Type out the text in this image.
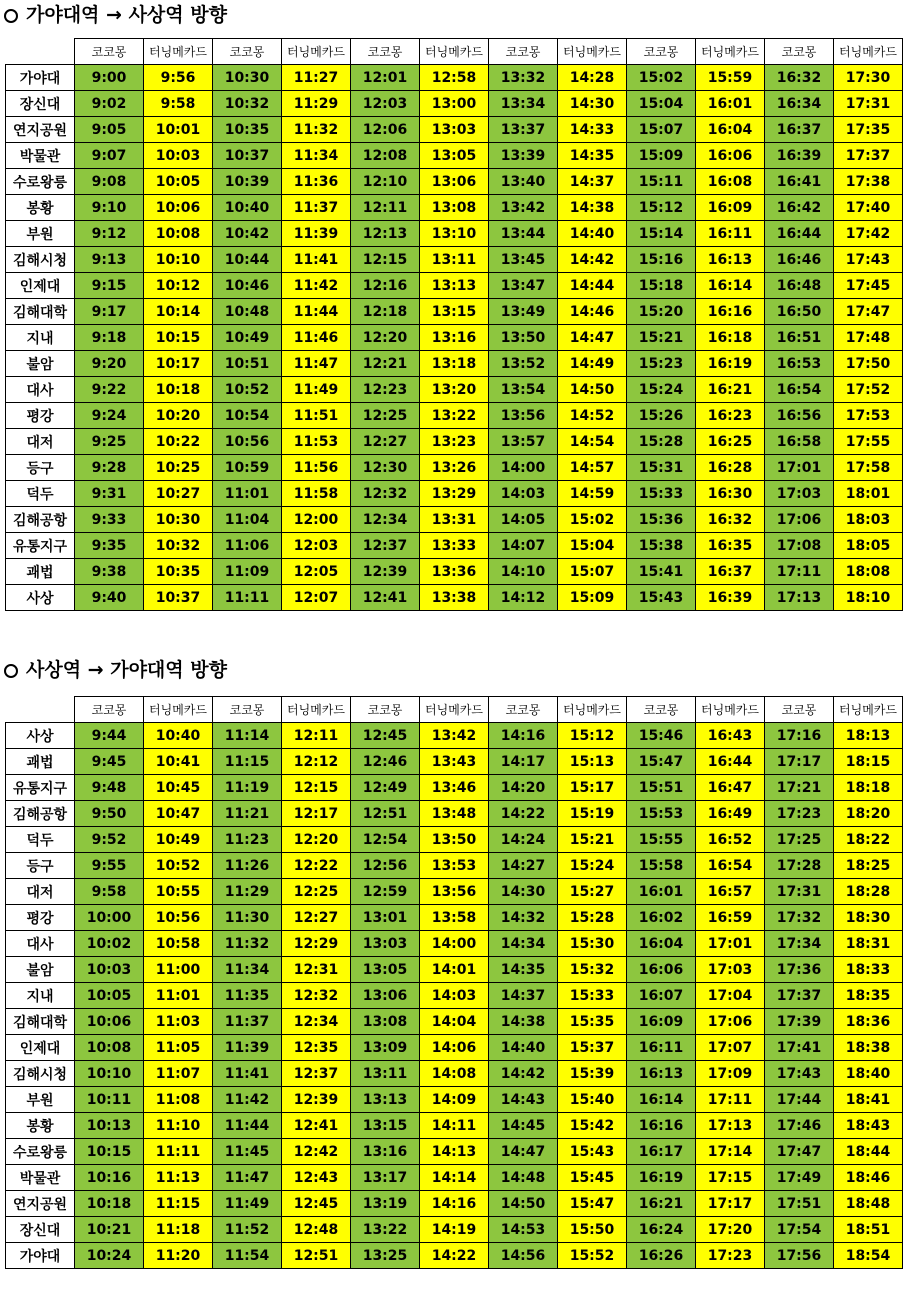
가야대역 → 사상역 방향
	코코몽	터닝메카드	코코몽	터닝메카드	코코몽	터닝메카드	코코몽	터닝메카드	코코몽	터닝메카드	코코몽	터닝메카드
가야대	9:00	9:56	10:30	11:27	12:01	12:58	13:32	14:28	15:02	15:59	16:32	17:30
장신대	9:02	9:58	10:32	11:29	12:03	13:00	13:34	14:30	15:04	16:01	16:34	17:31
연지공원	9:05	10:01	10:35	11:32	12:06	13:03	13:37	14:33	15:07	16:04	16:37	17:35
박물관	9:07	10:03	10:37	11:34	12:08	13:05	13:39	14:35	15:09	16:06	16:39	17:37
수로왕릉	9:08	10:05	10:39	11:36	12:10	13:06	13:40	14:37	15:11	16:08	16:41	17:38
봉황	9:10	10:06	10:40	11:37	12:11	13:08	13:42	14:38	15:12	16:09	16:42	17:40
부원	9:12	10:08	10:42	11:39	12:13	13:10	13:44	14:40	15:14	16:11	16:44	17:42
김해시청	9:13	10:10	10:44	11:41	12:15	13:11	13:45	14:42	15:16	16:13	16:46	17:43
인제대	9:15	10:12	10:46	11:42	12:16	13:13	13:47	14:44	15:18	16:14	16:48	17:45
김해대학	9:17	10:14	10:48	11:44	12:18	13:15	13:49	14:46	15:20	16:16	16:50	17:47
지내	9:18	10:15	10:49	11:46	12:20	13:16	13:50	14:47	15:21	16:18	16:51	17:48
불암	9:20	10:17	10:51	11:47	12:21	13:18	13:52	14:49	15:23	16:19	16:53	17:50
대사	9:22	10:18	10:52	11:49	12:23	13:20	13:54	14:50	15:24	16:21	16:54	17:52
평강	9:24	10:20	10:54	11:51	12:25	13:22	13:56	14:52	15:26	16:23	16:56	17:53
대저	9:25	10:22	10:56	11:53	12:27	13:23	13:57	14:54	15:28	16:25	16:58	17:55
등구	9:28	10:25	10:59	11:56	12:30	13:26	14:00	14:57	15:31	16:28	17:01	17:58
덕두	9:31	10:27	11:01	11:58	12:32	13:29	14:03	14:59	15:33	16:30	17:03	18:01
김해공항	9:33	10:30	11:04	12:00	12:34	13:31	14:05	15:02	15:36	16:32	17:06	18:03
유통지구	9:35	10:32	11:06	12:03	12:37	13:33	14:07	15:04	15:38	16:35	17:08	18:05
괘법	9:38	10:35	11:09	12:05	12:39	13:36	14:10	15:07	15:41	16:37	17:11	18:08
사상	9:40	10:37	11:11	12:07	12:41	13:38	14:12	15:09	15:43	16:39	17:13	18:10
사상역 → 가야대역 방향
	코코몽	터닝메카드	코코몽	터닝메카드	코코몽	터닝메카드	코코몽	터닝메카드	코코몽	터닝메카드	코코몽	터닝메카드
사상	9:44	10:40	11:14	12:11	12:45	13:42	14:16	15:12	15:46	16:43	17:16	18:13
괘법	9:45	10:41	11:15	12:12	12:46	13:43	14:17	15:13	15:47	16:44	17:17	18:15
유통지구	9:48	10:45	11:19	12:15	12:49	13:46	14:20	15:17	15:51	16:47	17:21	18:18
김해공항	9:50	10:47	11:21	12:17	12:51	13:48	14:22	15:19	15:53	16:49	17:23	18:20
덕두	9:52	10:49	11:23	12:20	12:54	13:50	14:24	15:21	15:55	16:52	17:25	18:22
등구	9:55	10:52	11:26	12:22	12:56	13:53	14:27	15:24	15:58	16:54	17:28	18:25
대저	9:58	10:55	11:29	12:25	12:59	13:56	14:30	15:27	16:01	16:57	17:31	18:28
평강	10:00	10:56	11:30	12:27	13:01	13:58	14:32	15:28	16:02	16:59	17:32	18:30
대사	10:02	10:58	11:32	12:29	13:03	14:00	14:34	15:30	16:04	17:01	17:34	18:31
불암	10:03	11:00	11:34	12:31	13:05	14:01	14:35	15:32	16:06	17:03	17:36	18:33
지내	10:05	11:01	11:35	12:32	13:06	14:03	14:37	15:33	16:07	17:04	17:37	18:35
김해대학	10:06	11:03	11:37	12:34	13:08	14:04	14:38	15:35	16:09	17:06	17:39	18:36
인제대	10:08	11:05	11:39	12:35	13:09	14:06	14:40	15:37	16:11	17:07	17:41	18:38
김해시청	10:10	11:07	11:41	12:37	13:11	14:08	14:42	15:39	16:13	17:09	17:43	18:40
부원	10:11	11:08	11:42	12:39	13:13	14:09	14:43	15:40	16:14	17:11	17:44	18:41
봉황	10:13	11:10	11:44	12:41	13:15	14:11	14:45	15:42	16:16	17:13	17:46	18:43
수로왕릉	10:15	11:11	11:45	12:42	13:16	14:13	14:47	15:43	16:17	17:14	17:47	18:44
박물관	10:16	11:13	11:47	12:43	13:17	14:14	14:48	15:45	16:19	17:15	17:49	18:46
연지공원	10:18	11:15	11:49	12:45	13:19	14:16	14:50	15:47	16:21	17:17	17:51	18:48
장신대	10:21	11:18	11:52	12:48	13:22	14:19	14:53	15:50	16:24	17:20	17:54	18:51
가야대	10:24	11:20	11:54	12:51	13:25	14:22	14:56	15:52	16:26	17:23	17:56	18:54
